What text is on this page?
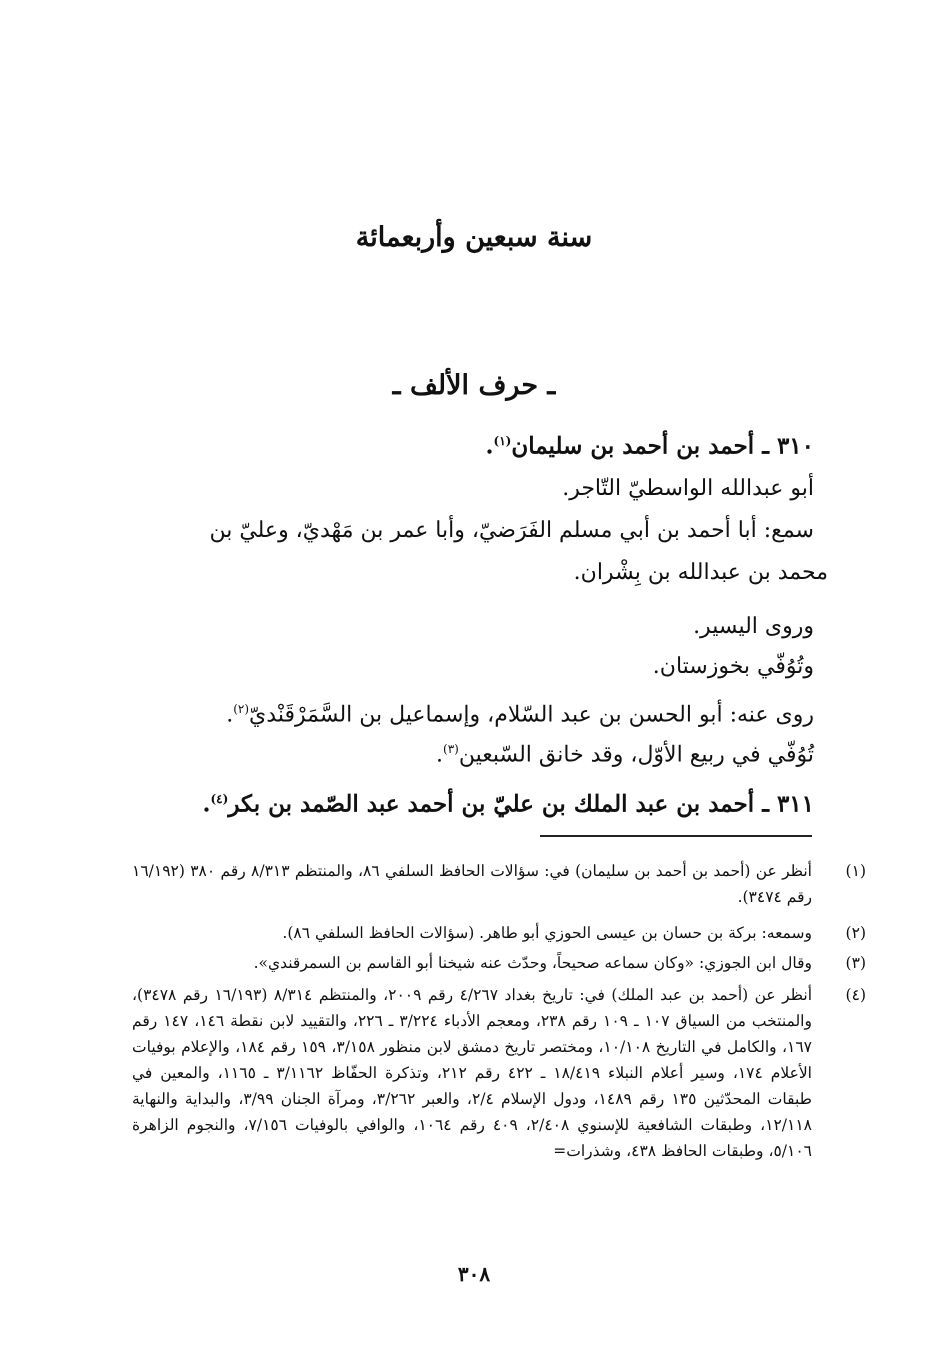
سنة سبعين وأربعمائة
ـ حرف الألف ـ
٣١٠ ـ أحمد بن أحمد بن سليمان$^{(١)}$.
أبو عبدالله الواسطيّ التّاجر.
سمع: أبا أحمد بن أبي مسلم الفَرَضيّ، وأبا عمر بن مَهْديّ، وعليّ بن
محمد بن عبدالله بن بِشْران.
وروى اليسير.
وتُوُفّي بخوزستان.
روى عنه: أبو الحسن بن عبد السّلام، وإسماعيل بن السَّمَرْقَنْديّ$^{(٢)}$.
تُوُفّي في ربيع الأوّل، وقد خانق السّبعين$^{(٣)}$.
٣١١ ـ أحمد بن عبد الملك بن عليّ بن أحمد عبد الصّمد بن بكر$^{(٤)}$.
(١)
أنظر عن (أحمد بن أحمد بن سليمان) في: سؤالات الحافظ السلفي ٨٦، والمنتظم ٨/٣١٣ رقم ٣٨٠ (١٦/١٩٢ رقم ٣٤٧٤).
(٢)
وسمعه: بركة بن حسان بن عيسى الحوزي أبو طاهر. (سؤالات الحافظ السلفي ٨٦).
(٣)
وقال ابن الجوزي: «وكان سماعه صحيحاً، وحدّث عنه شيخنا أبو القاسم بن السمرقندي».
(٤)
أنظر عن (أحمد بن عبد الملك) في: تاريخ بغداد ٤/٢٦٧ رقم ٢٠٠٩، والمنتظم ٨/٣١٤ (١٦/١٩٣ رقم ٣٤٧٨)، والمنتخب من السياق ١٠٧ ـ ١٠٩ رقم ٢٣٨، ومعجم الأدباء ٣/٢٢٤ ـ ٢٢٦، والتقييد لابن نقطة ١٤٦، ١٤٧ رقم ١٦٧، والكامل في التاريخ ١٠/١٠٨، ومختصر تاريخ دمشق لابن منظور ٣/١٥٨، ١٥٩ رقم ١٨٤، والإعلام بوفيات الأعلام ١٧٤، وسير أعلام النبلاء ١٨/٤١٩ ـ ٤٢٢ رقم ٢١٢، وتذكرة الحفّاظ ٣/١١٦٢ ـ ١١٦٥، والمعين في طبقات المحدّثين ١٣٥ رقم ١٤٨٩، ودول الإسلام ٢/٤، والعبر ٣/٢٦٢، ومرآة الجنان ٣/٩٩، والبداية والنهاية ١٢/١١٨، وطبقات الشافعية للإسنوي ٢/٤٠٨، ٤٠٩ رقم ١٠٦٤، والوافي بالوفيات ٧/١٥٦، والنجوم الزاهرة ٥/١٠٦، وطبقات الحافظ ٤٣٨، وشذرات=
٣٠٨
